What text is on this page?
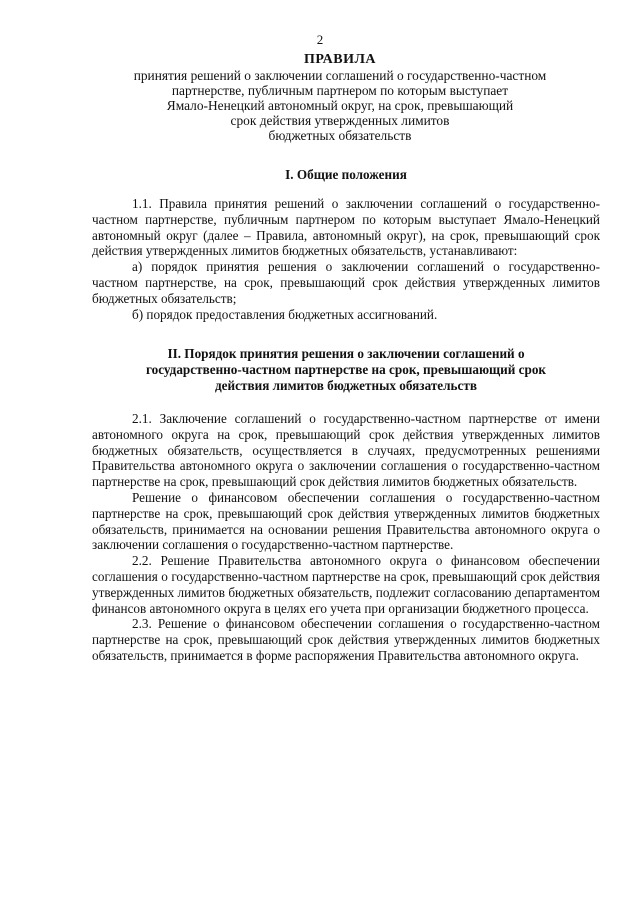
2
ПРАВИЛА
принятия решений о заключении соглашений о государственно-частном
партнерстве, публичным партнером по которым выступает
Ямало-Ненецкий автономный округ, на срок, превышающий
срок действия утвержденных лимитов
бюджетных обязательств
I. Общие положения
1.1. Правила принятия решений о заключении соглашений о государственно-частном партнерстве, публичным партнером по которым выступает Ямало-Ненецкий автономный округ (далее – Правила, автономный округ), на срок, превышающий срок действия утвержденных лимитов бюджетных обязательств, устанавливают:
а) порядок принятия решения о заключении соглашений о государственно-частном партнерстве, на срок, превышающий срок действия утвержденных лимитов бюджетных обязательств;
б) порядок предоставления бюджетных ассигнований.
II. Порядок принятия решения о заключении соглашений о
государственно-частном партнерстве на срок, превышающий срок
действия лимитов бюджетных обязательств
2.1. Заключение соглашений о государственно-частном партнерстве от имени автономного округа на срок, превышающий срок действия утвержденных лимитов бюджетных обязательств, осуществляется в случаях, предусмотренных решениями Правительства автономного округа о заключении соглашения о государственно-частном партнерстве на срок, превышающий срок действия лимитов бюджетных обязательств.
Решение о финансовом обеспечении соглашения о государственно-частном партнерстве на срок, превышающий срок действия утвержденных лимитов бюджетных обязательств, принимается на основании решения Правительства автономного округа о заключении соглашения о государственно-частном партнерстве.
2.2. Решение Правительства автономного округа о финансовом обеспечении соглашения о государственно-частном партнерстве на срок, превышающий срок действия утвержденных лимитов бюджетных обязательств, подлежит согласованию департаментом финансов автономного округа в целях его учета при организации бюджетного процесса.
2.3. Решение о финансовом обеспечении соглашения о государственно-частном партнерстве на срок, превышающий срок действия утвержденных лимитов бюджетных обязательств, принимается в форме распоряжения Правительства автономного округа.
